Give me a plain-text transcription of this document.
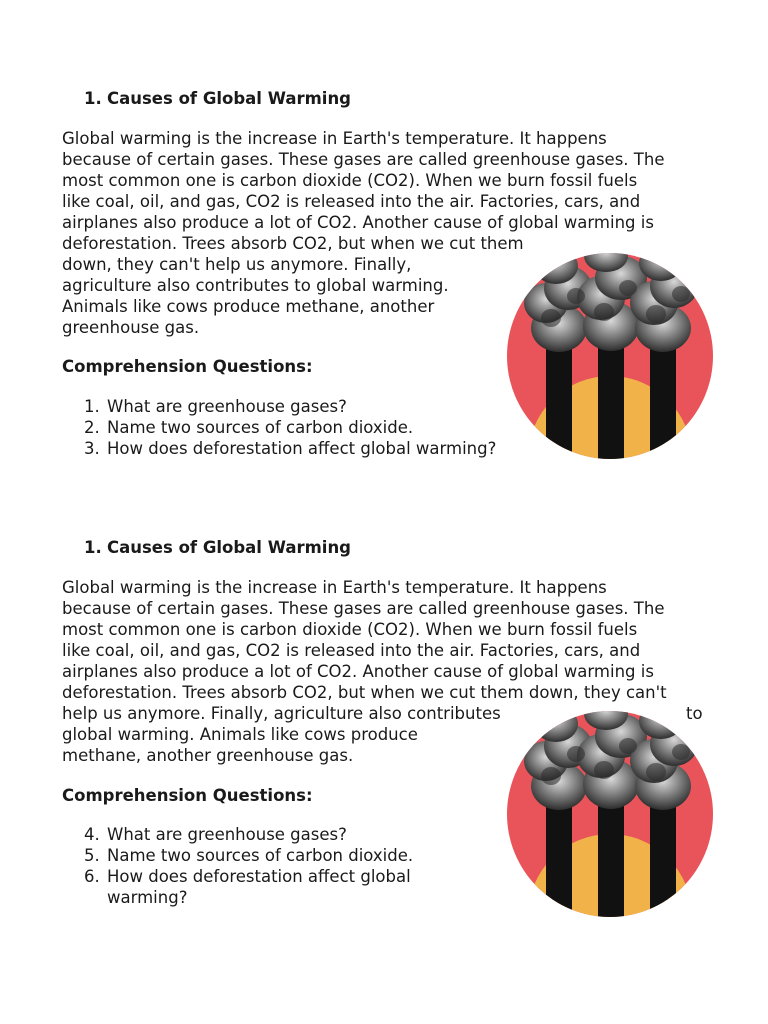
1. Causes of Global Warming

Global warming is the increase in Earth's temperature. It happens

because of certain gases. These gases are called greenhouse gases. The

most common one is carbon dioxide (CO2). When we burn fossil fuels

like coal, oil, and gas, CO2 is released into the air. Factories, cars, and

airplanes also produce a lot of CO2. Another cause of global warming is

deforestation. Trees absorb CO2, but when we cut them

down, they can't help us anymore. Finally,

agriculture also contributes to global warming.

Animals like cows produce methane, another

greenhouse gas.

Comprehension Questions:

1. What are greenhouse gases?

2. Name two sources of carbon dioxide.

3. How does deforestation affect global warming?

1. Causes of Global Warming

Global warming is the increase in Earth's temperature. It happens

because of certain gases. These gases are called greenhouse gases. The

most common one is carbon dioxide (CO2). When we burn fossil fuels

like coal, oil, and gas, CO2 is released into the air. Factories, cars, and

airplanes also produce a lot of CO2. Another cause of global warming is

deforestation. Trees absorb CO2, but when we cut them down, they can't

help us anymore. Finally, agriculture also contributes	to

global warming. Animals like cows produce

methane, another greenhouse gas.

Comprehension Questions:

4. What are greenhouse gases?

5. Name two sources of carbon dioxide.

6. How does deforestation affect global

warming?
